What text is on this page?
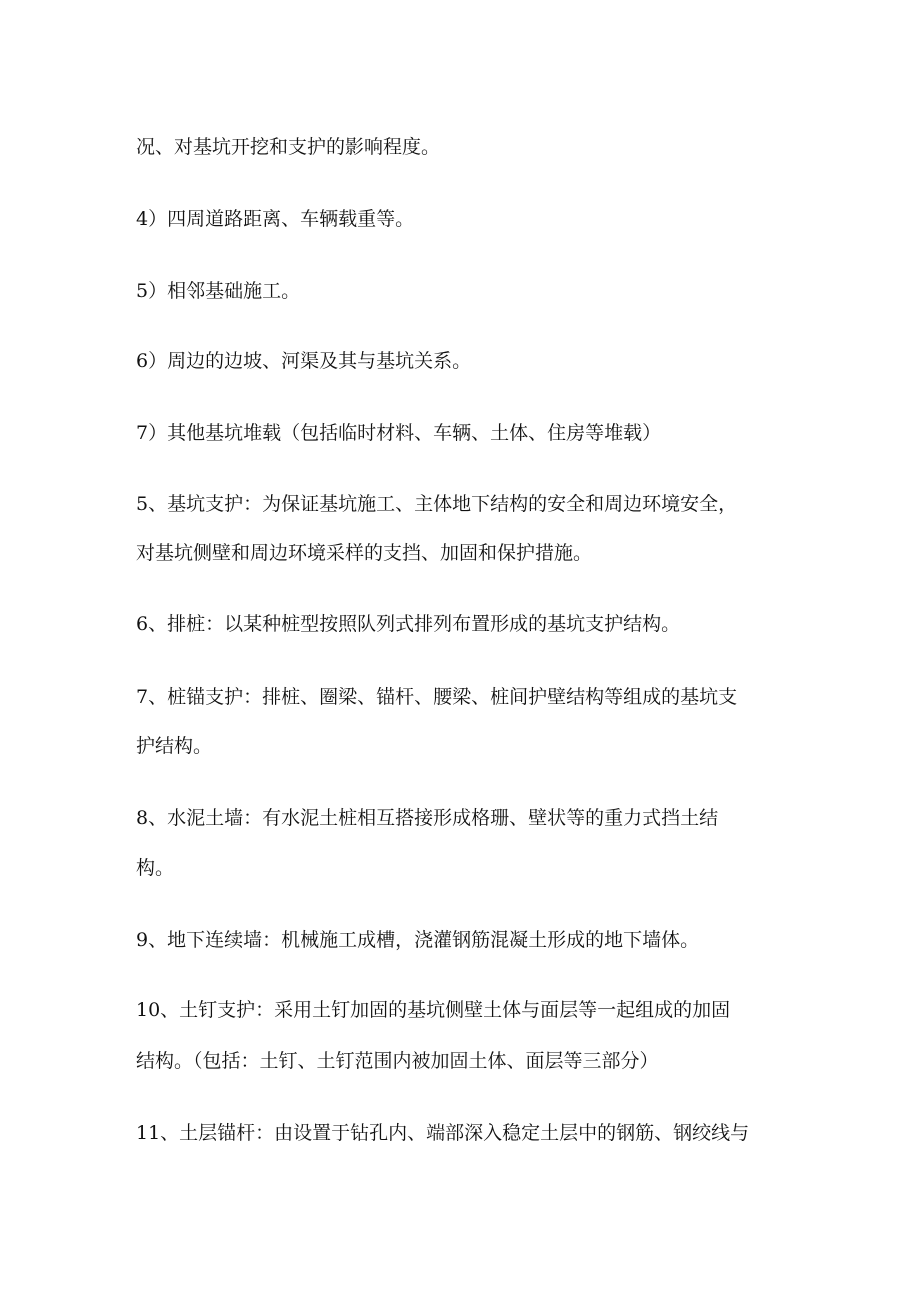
况、对基坑开挖和支护的影响程度。
4）四周道路距离、车辆载重等。
5）相邻基础施工。
6）周边的边坡、河渠及其与基坑关系。
7）其他基坑堆载（包括临时材料、车辆、土体、住房等堆载）
5、基坑支护：为保证基坑施工、主体地下结构的安全和周边环境安全，
对基坑侧壁和周边环境采样的支挡、加固和保护措施。
6、排桩：以某种桩型按照队列式排列布置形成的基坑支护结构。
7、桩锚支护：排桩、圈梁、锚杆、腰梁、桩间护壁结构等组成的基坑支
护结构。
8、水泥土墙：有水泥土桩相互搭接形成格珊、壁状等的重力式挡土结
构。
9、地下连续墙：机械施工成槽，浇灌钢筋混凝土形成的地下墙体。
10、土钉支护：采用土钉加固的基坑侧壁土体与面层等一起组成的加固
结构。（包括：土钉、土钉范围内被加固土体、面层等三部分）
11、土层锚杆：由设置于钻孔内、端部深入稳定土层中的钢筋、钢绞线与
